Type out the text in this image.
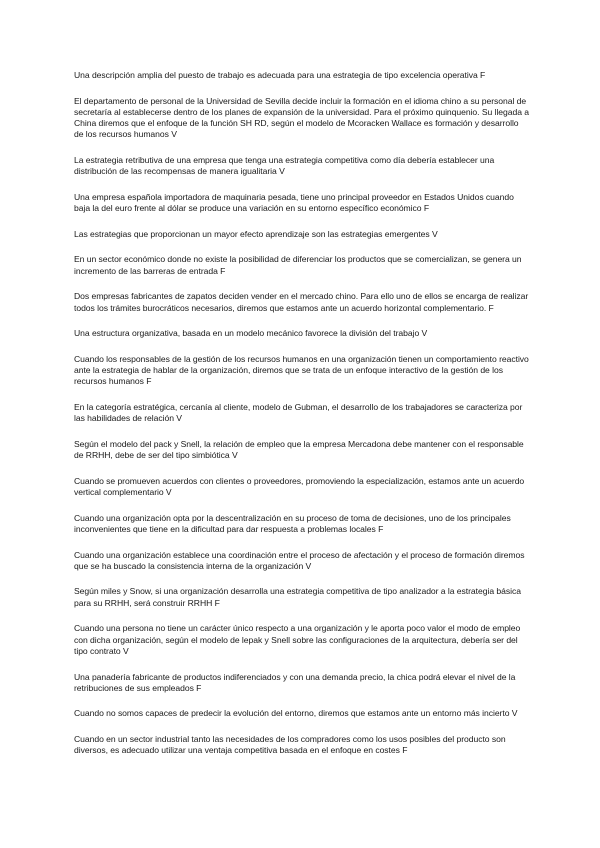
Una descripción amplia del puesto de trabajo es adecuada para una estrategia de tipo excelencia operativa F

El departamento de personal de la Universidad de Sevilla decide incluir la formación en el idioma chino a su personal de secretaría al establecerse dentro de los planes de expansión de la universidad. Para el próximo quinquenio. Su llegada a China diremos que el enfoque de la función SH RD, según el modelo de Mcoracken Wallace es formación y desarrollo de los recursos humanos V

La estrategia retributiva de una empresa que tenga una estrategia competitiva como día debería establecer una distribución de las recompensas de manera igualitaria V

Una empresa española importadora de maquinaria pesada, tiene uno principal proveedor en Estados Unidos cuando baja la del euro frente al dólar se produce una variación en su entorno específico económico F

Las estrategias que proporcionan un mayor efecto aprendizaje son las estrategias emergentes V

En un sector económico donde no existe la posibilidad de diferenciar los productos que se comercializan, se genera un incremento de las barreras de entrada F

Dos empresas fabricantes de zapatos deciden vender en el mercado chino. Para ello uno de ellos se encarga de realizar todos los trámites burocráticos necesarios, diremos que estamos ante un acuerdo horizontal complementario. F

Una estructura organizativa, basada en un modelo mecánico favorece la división del trabajo V

Cuando los responsables de la gestión de los recursos humanos en una organización tienen un comportamiento reactivo ante la estrategia de hablar de la organización, diremos que se trata de un enfoque interactivo de la gestión de los recursos humanos F

En la categoría estratégica, cercanía al cliente, modelo de Gubman, el desarrollo de los trabajadores se caracteriza por las habilidades de relación V

Según el modelo del pack y Snell, la relación de empleo que la empresa Mercadona debe mantener con el responsable de RRHH, debe de ser del tipo simbiótica V

Cuando se promueven acuerdos con clientes o proveedores, promoviendo la especialización, estamos ante un acuerdo vertical complementario V

Cuando una organización opta por la descentralización en su proceso de toma de decisiones, uno de los principales inconvenientes que tiene en la dificultad para dar respuesta a problemas locales F

Cuando una organización establece una coordinación entre el proceso de afectación y el proceso de formación diremos que se ha buscado la consistencia interna de la organización V

Según miles y Snow, si una organización desarrolla una estrategia competitiva de tipo analizador a la estrategia básica para su RRHH, será construir RRHH F

Cuando una persona no tiene un carácter único respecto a una organización y le aporta poco valor el modo de empleo con dicha organización, según el modelo de lepak y Snell sobre las configuraciones de la arquitectura, debería ser del tipo contrato V

Una panadería fabricante de productos indiferenciados y con una demanda precio, la chica podrá elevar el nivel de la retribuciones de sus empleados F

Cuando no somos capaces de predecir la evolución del entorno, diremos que estamos ante un entorno más incierto V

Cuando en un sector industrial tanto las necesidades de los compradores como los usos posibles del producto son diversos, es adecuado utilizar una ventaja competitiva basada en el enfoque en costes F
